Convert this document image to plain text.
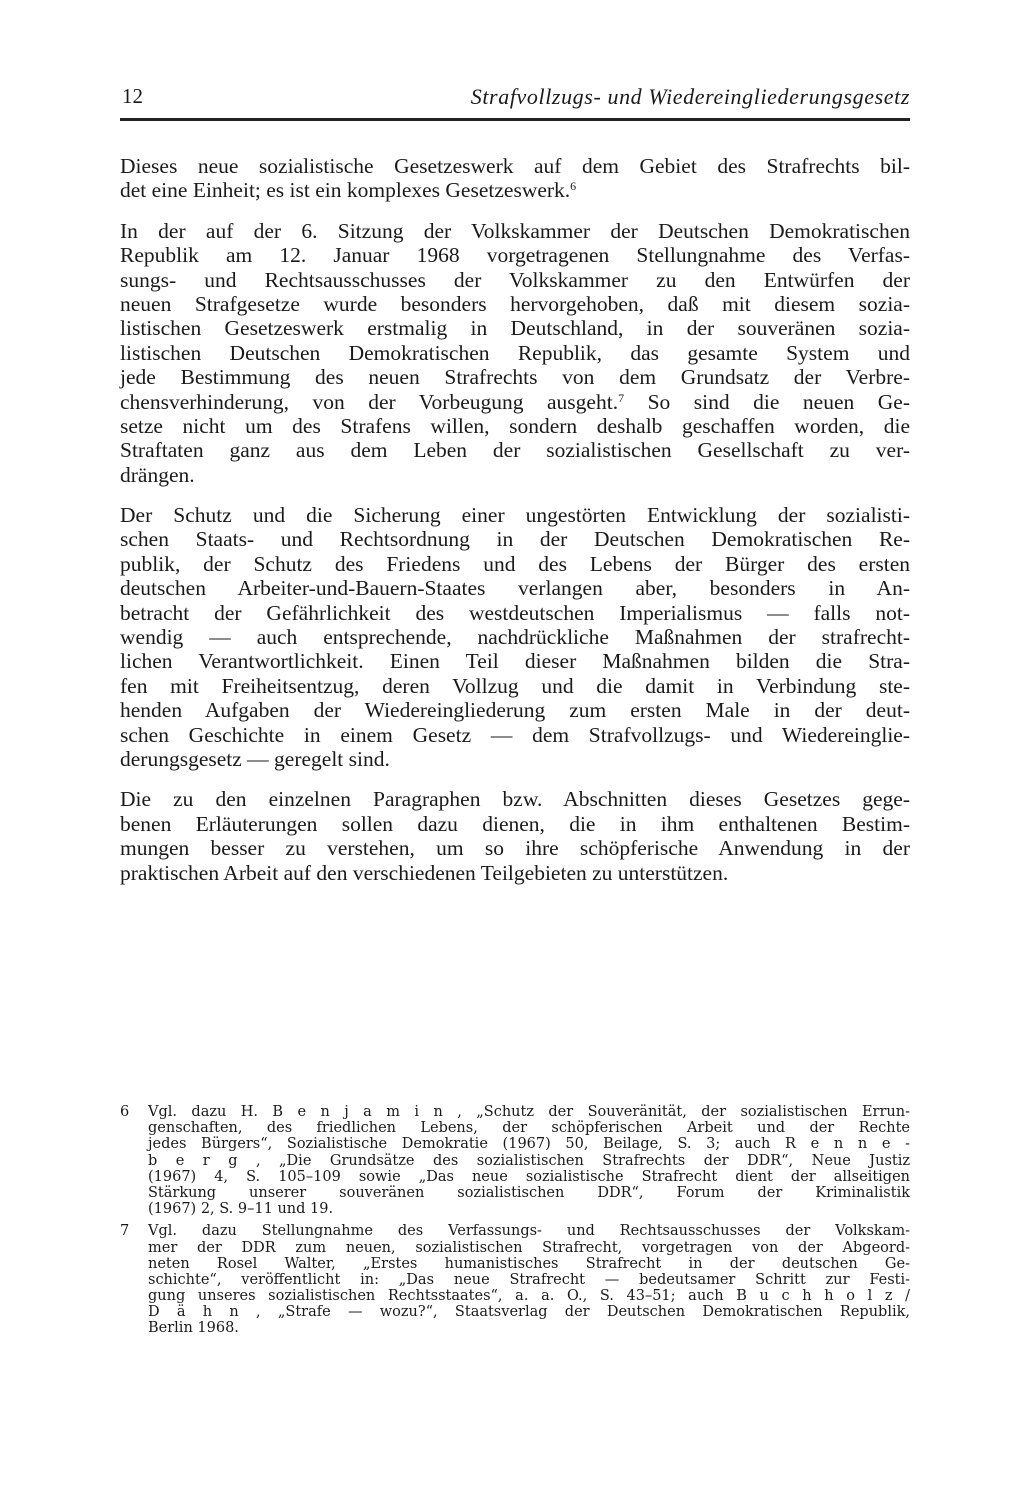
12	Strafvollzugs- und Wiedereingliederungsgesetz

Dieses neue sozialistische Gesetzeswerk auf dem Gebiet des Strafrechts bil-
det eine Einheit; es ist ein komplexes Gesetzeswerk.$^6$

In der auf der 6. Sitzung der Volkskammer der Deutschen Demokratischen
Republik am 12. Januar 1968 vorgetragenen Stellungnahme des Verfas-
sungs- und Rechtsausschusses der Volkskammer zu den Entwürfen der
neuen Strafgesetze wurde besonders hervorgehoben, daß mit diesem sozia-
listischen Gesetzeswerk erstmalig in Deutschland, in der souveränen sozia-
listischen Deutschen Demokratischen Republik, das gesamte System und
jede Bestimmung des neuen Strafrechts von dem Grundsatz der Verbre-
chensverhinderung, von der Vorbeugung ausgeht.$^7$ So sind die neuen Ge-
setze nicht um des Strafens willen, sondern deshalb geschaffen worden, die
Straftaten ganz aus dem Leben der sozialistischen Gesellschaft zu ver-
drängen.

Der Schutz und die Sicherung einer ungestörten Entwicklung der sozialisti-
schen Staats- und Rechtsordnung in der Deutschen Demokratischen Re-
publik, der Schutz des Friedens und des Lebens der Bürger des ersten
deutschen Arbeiter-und-Bauern-Staates verlangen aber, besonders in An-
betracht der Gefährlichkeit des westdeutschen Imperialismus — falls not-
wendig — auch entsprechende, nachdrückliche Maßnahmen der strafrecht-
lichen Verantwortlichkeit. Einen Teil dieser Maßnahmen bilden die Stra-
fen mit Freiheitsentzug, deren Vollzug und die damit in Verbindung ste-
henden Aufgaben der Wiedereingliederung zum ersten Male in der deut-
schen Geschichte in einem Gesetz — dem Strafvollzugs- und Wiedereinglie-
derungsgesetz — geregelt sind.

Die zu den einzelnen Paragraphen bzw. Abschnitten dieses Gesetzes gege-
benen Erläuterungen sollen dazu dienen, die in ihm enthaltenen Bestim-
mungen besser zu verstehen, um so ihre schöpferische Anwendung in der
praktischen Arbeit auf den verschiedenen Teilgebieten zu unterstützen.

6 Vgl. dazu H. B e n j a m i n , „Schutz der Souveränität, der sozialistischen Errun-
genschaften, des friedlichen Lebens, der schöpferischen Arbeit und der Rechte
jedes Bürgers“, Sozialistische Demokratie (1967) 50, Beilage, S. 3; auch R e n n e -
b e r g , „Die Grundsätze des sozialistischen Strafrechts der DDR“, Neue Justiz
(1967) 4, S. 105–109 sowie „Das neue sozialistische Strafrecht dient der allseitigen
Stärkung unserer souveränen sozialistischen DDR“, Forum der Kriminalistik
(1967) 2, S. 9–11 und 19.
7 Vgl. dazu Stellungnahme des Verfassungs- und Rechtsausschusses der Volkskam-
mer der DDR zum neuen, sozialistischen Strafrecht, vorgetragen von der Abgeord-
neten Rosel Walter, „Erstes humanistisches Strafrecht in der deutschen Ge-
schichte“, veröffentlicht in: „Das neue Strafrecht — bedeutsamer Schritt zur Festi-
gung unseres sozialistischen Rechtsstaates“, a. a. O., S. 43–51; auch B u c h h o l z /
D ä h n , „Strafe — wozu?“, Staatsverlag der Deutschen Demokratischen Republik,
Berlin 1968.
